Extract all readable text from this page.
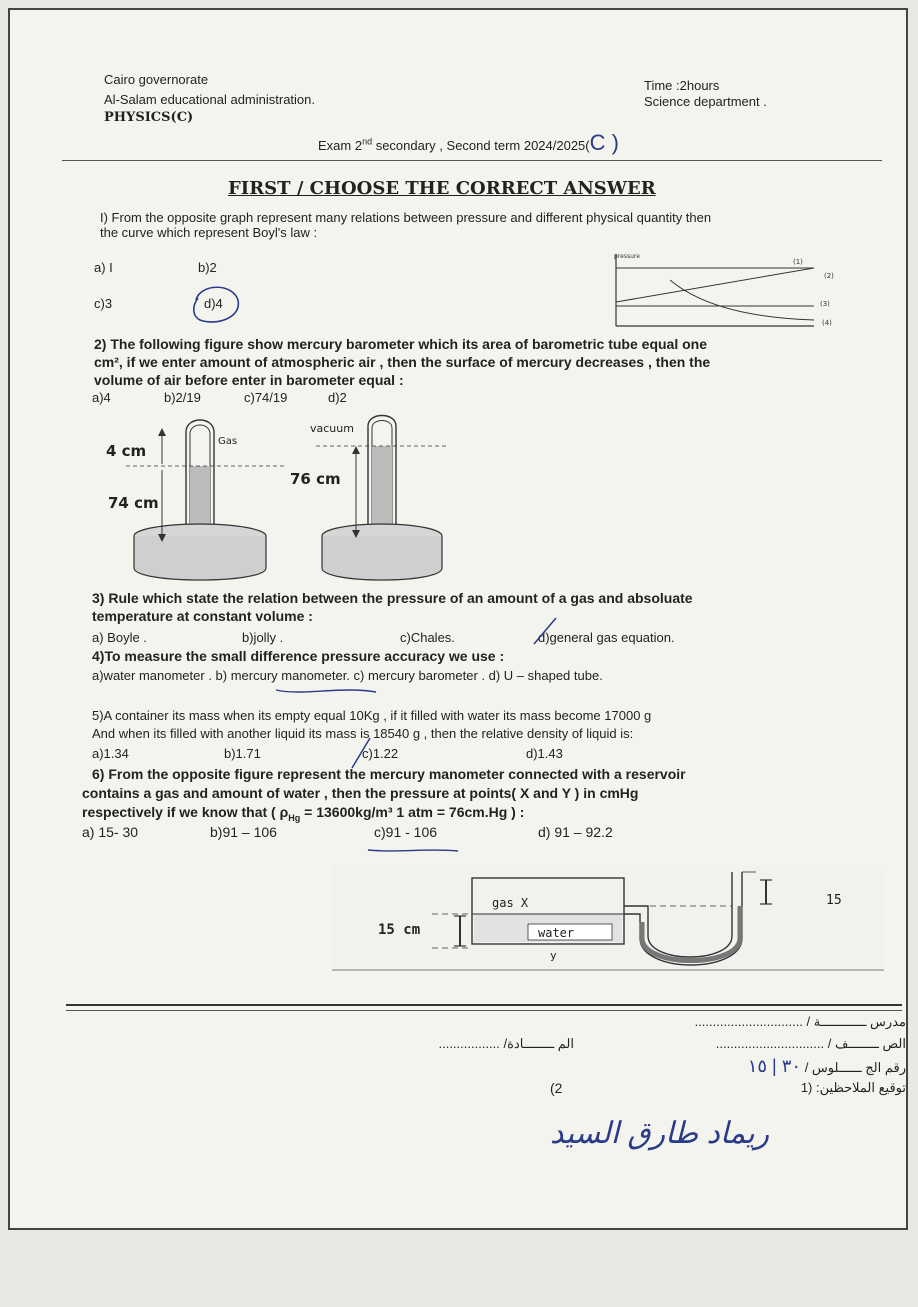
Cairo governorate
Al-Salam educational administration.
PHYSICS(C)
Time :2hours
Science department .
Exam 2nd secondary , Second term 2024/2025(C )
FIRST / CHOOSE THE CORRECT ANSWER
I) From the opposite graph represent many relations between pressure and different physical quantity then
the curve which represent Boyl's law :
a) I	b)2
c)3	d)4
pressure
(1)
(2)
(3)
(4)
2) The following figure show mercury barometer which its area of barometric tube equal one
cm², if we enter amount of atmospheric air , then the surface of mercury decreases , then the
volume of air before enter in barometer equal :
a)4	b)2/19	c)74/19	d)2
4 cm
Gas
74 cm
vacuum
76 cm
3) Rule which state the relation between the pressure of an amount of a gas and absoluate
temperature at constant volume :
a) Boyle .	b)jolly .	c)Chales.	d)general gas equation.
4)To measure the small difference pressure accuracy we use :
a)water manometer . b) mercury manometer. c) mercury barometer . d) U – shaped tube.
5)A container its mass when its empty equal 10Kg , if it filled with water its mass become 17000 g
And when its filled with another liquid its mass is 18540 g , then the relative density of liquid is:
a)1.34	b)1.71	c)1.22	d)1.43
6) From the opposite figure represent the mercury manometer connected with a reservoir
contains a gas and amount of water , then the pressure at points( X and Y ) in cmHg
respectively if we know that ( $\rho_{Hg} = 13600kg/m^3$ 1 atm = 76cm.Hg ) :
a) 15- 30	b)91 – 106	c)91 - 106	d) 91 – 92.2
gas X
water
y
15 cm
15
مدرس ــــــــــــة / ..............................
الص ــــــــف / ..............................
الم ــــــــادة/ .................
رقم الج ــــــلوس / ٣٠ | ١٥
توقيع الملاحظين: (1
(2
ريماد طارق السيد
